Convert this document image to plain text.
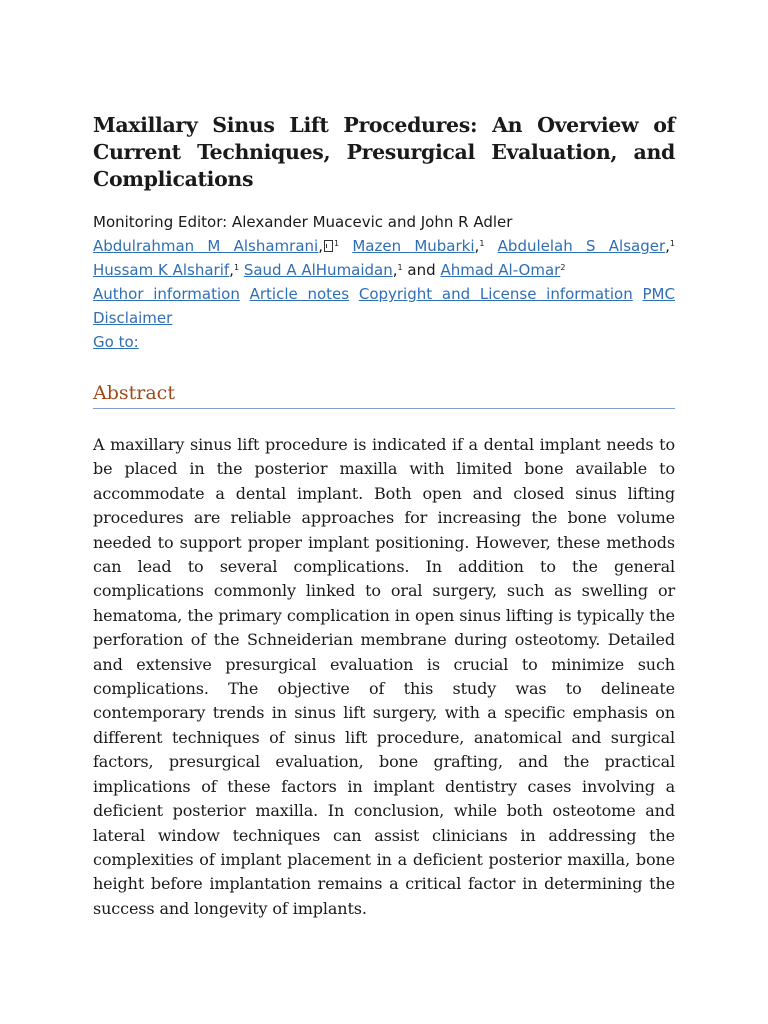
Maxillary Sinus Lift Procedures: An Overview of Current Techniques, Presurgical Evaluation, and Complications
Monitoring Editor: Alexander Muacevic and John R Adler
Abdulrahman M Alshamrani, $^1$ Mazen Mubarki,$^1$ Abdulelah S Alsager,$^1$ Hussam K Alsharif,$^1$ Saud A AlHumaidan,$^1$ and Ahmad Al-Omar$^2$
Author information Article notes Copyright and License information PMC
Disclaimer
Go to:
Abstract

A maxillary sinus lift procedure is indicated if a dental implant needs to be placed in the posterior maxilla with limited bone available to accommodate a dental implant. Both open and closed sinus lifting procedures are reliable approaches for increasing the bone volume needed to support proper implant positioning. However, these methods can lead to several complications. In addition to the general complications commonly linked to oral surgery, such as swelling or hematoma, the primary complication in open sinus lifting is typically the perforation of the Schneiderian membrane during osteotomy. Detailed and extensive presurgical evaluation is crucial to minimize such complications. The objective of this study was to delineate contemporary trends in sinus lift surgery, with a specific emphasis on different techniques of sinus lift procedure, anatomical and surgical factors, presurgical evaluation, bone grafting, and the practical implications of these factors in implant dentistry cases involving a deficient posterior maxilla. In conclusion, while both osteotome and lateral window techniques can assist clinicians in addressing the complexities of implant placement in a deficient posterior maxilla, bone height before implantation remains a critical factor in determining the success and longevity of implants.
